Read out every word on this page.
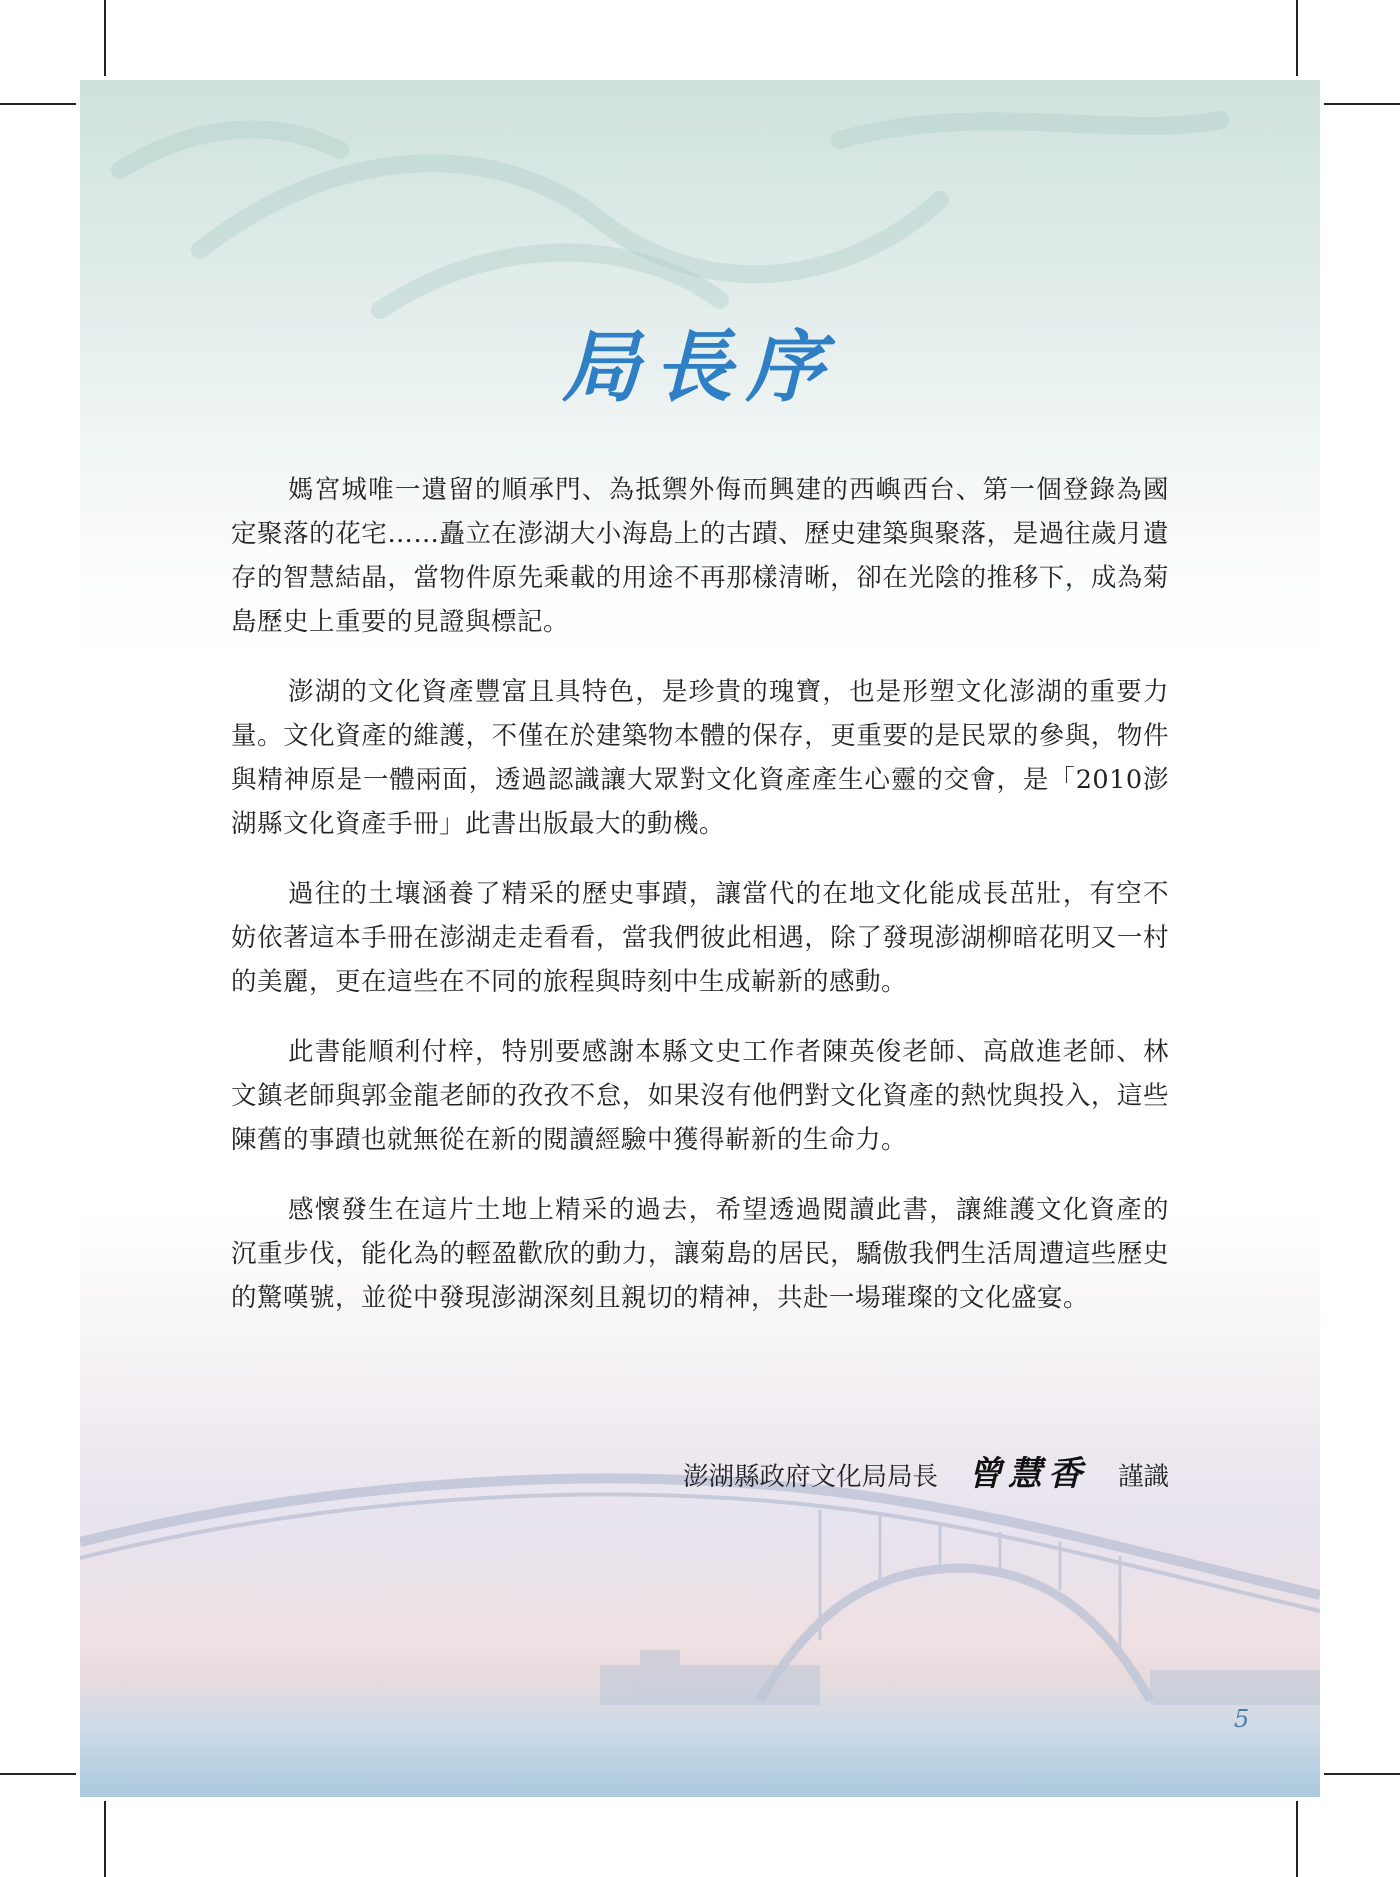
局長序

媽宮城唯一遺留的順承門、為抵禦外侮而興建的西嶼西台、第一個登錄為國定聚落的花宅……矗立在澎湖大小海島上的古蹟、歷史建築與聚落，是過往歲月遺存的智慧結晶，當物件原先乘載的用途不再那樣清晰，卻在光陰的推移下，成為菊島歷史上重要的見證與標記。

澎湖的文化資產豐富且具特色，是珍貴的瑰寶，也是形塑文化澎湖的重要力量。文化資產的維護，不僅在於建築物本體的保存，更重要的是民眾的參與，物件與精神原是一體兩面，透過認識讓大眾對文化資產產生心靈的交會，是「2010澎湖縣文化資產手冊」此書出版最大的動機。

過往的土壤涵養了精采的歷史事蹟，讓當代的在地文化能成長茁壯，有空不妨依著這本手冊在澎湖走走看看，當我們彼此相遇，除了發現澎湖柳暗花明又一村的美麗，更在這些在不同的旅程與時刻中生成嶄新的感動。

此書能順利付梓，特別要感謝本縣文史工作者陳英俊老師、高啟進老師、林文鎮老師與郭金龍老師的孜孜不怠，如果沒有他們對文化資產的熱忱與投入，這些陳舊的事蹟也就無從在新的閱讀經驗中獲得嶄新的生命力。

感懷發生在這片土地上精采的過去，希望透過閱讀此書，讓維護文化資產的沉重步伐，能化為的輕盈歡欣的動力，讓菊島的居民，驕傲我們生活周遭這些歷史的驚嘆號，並從中發現澎湖深刻且親切的精神，共赴一場璀璨的文化盛宴。

澎湖縣政府文化局局長 曾慧香 謹識
5
